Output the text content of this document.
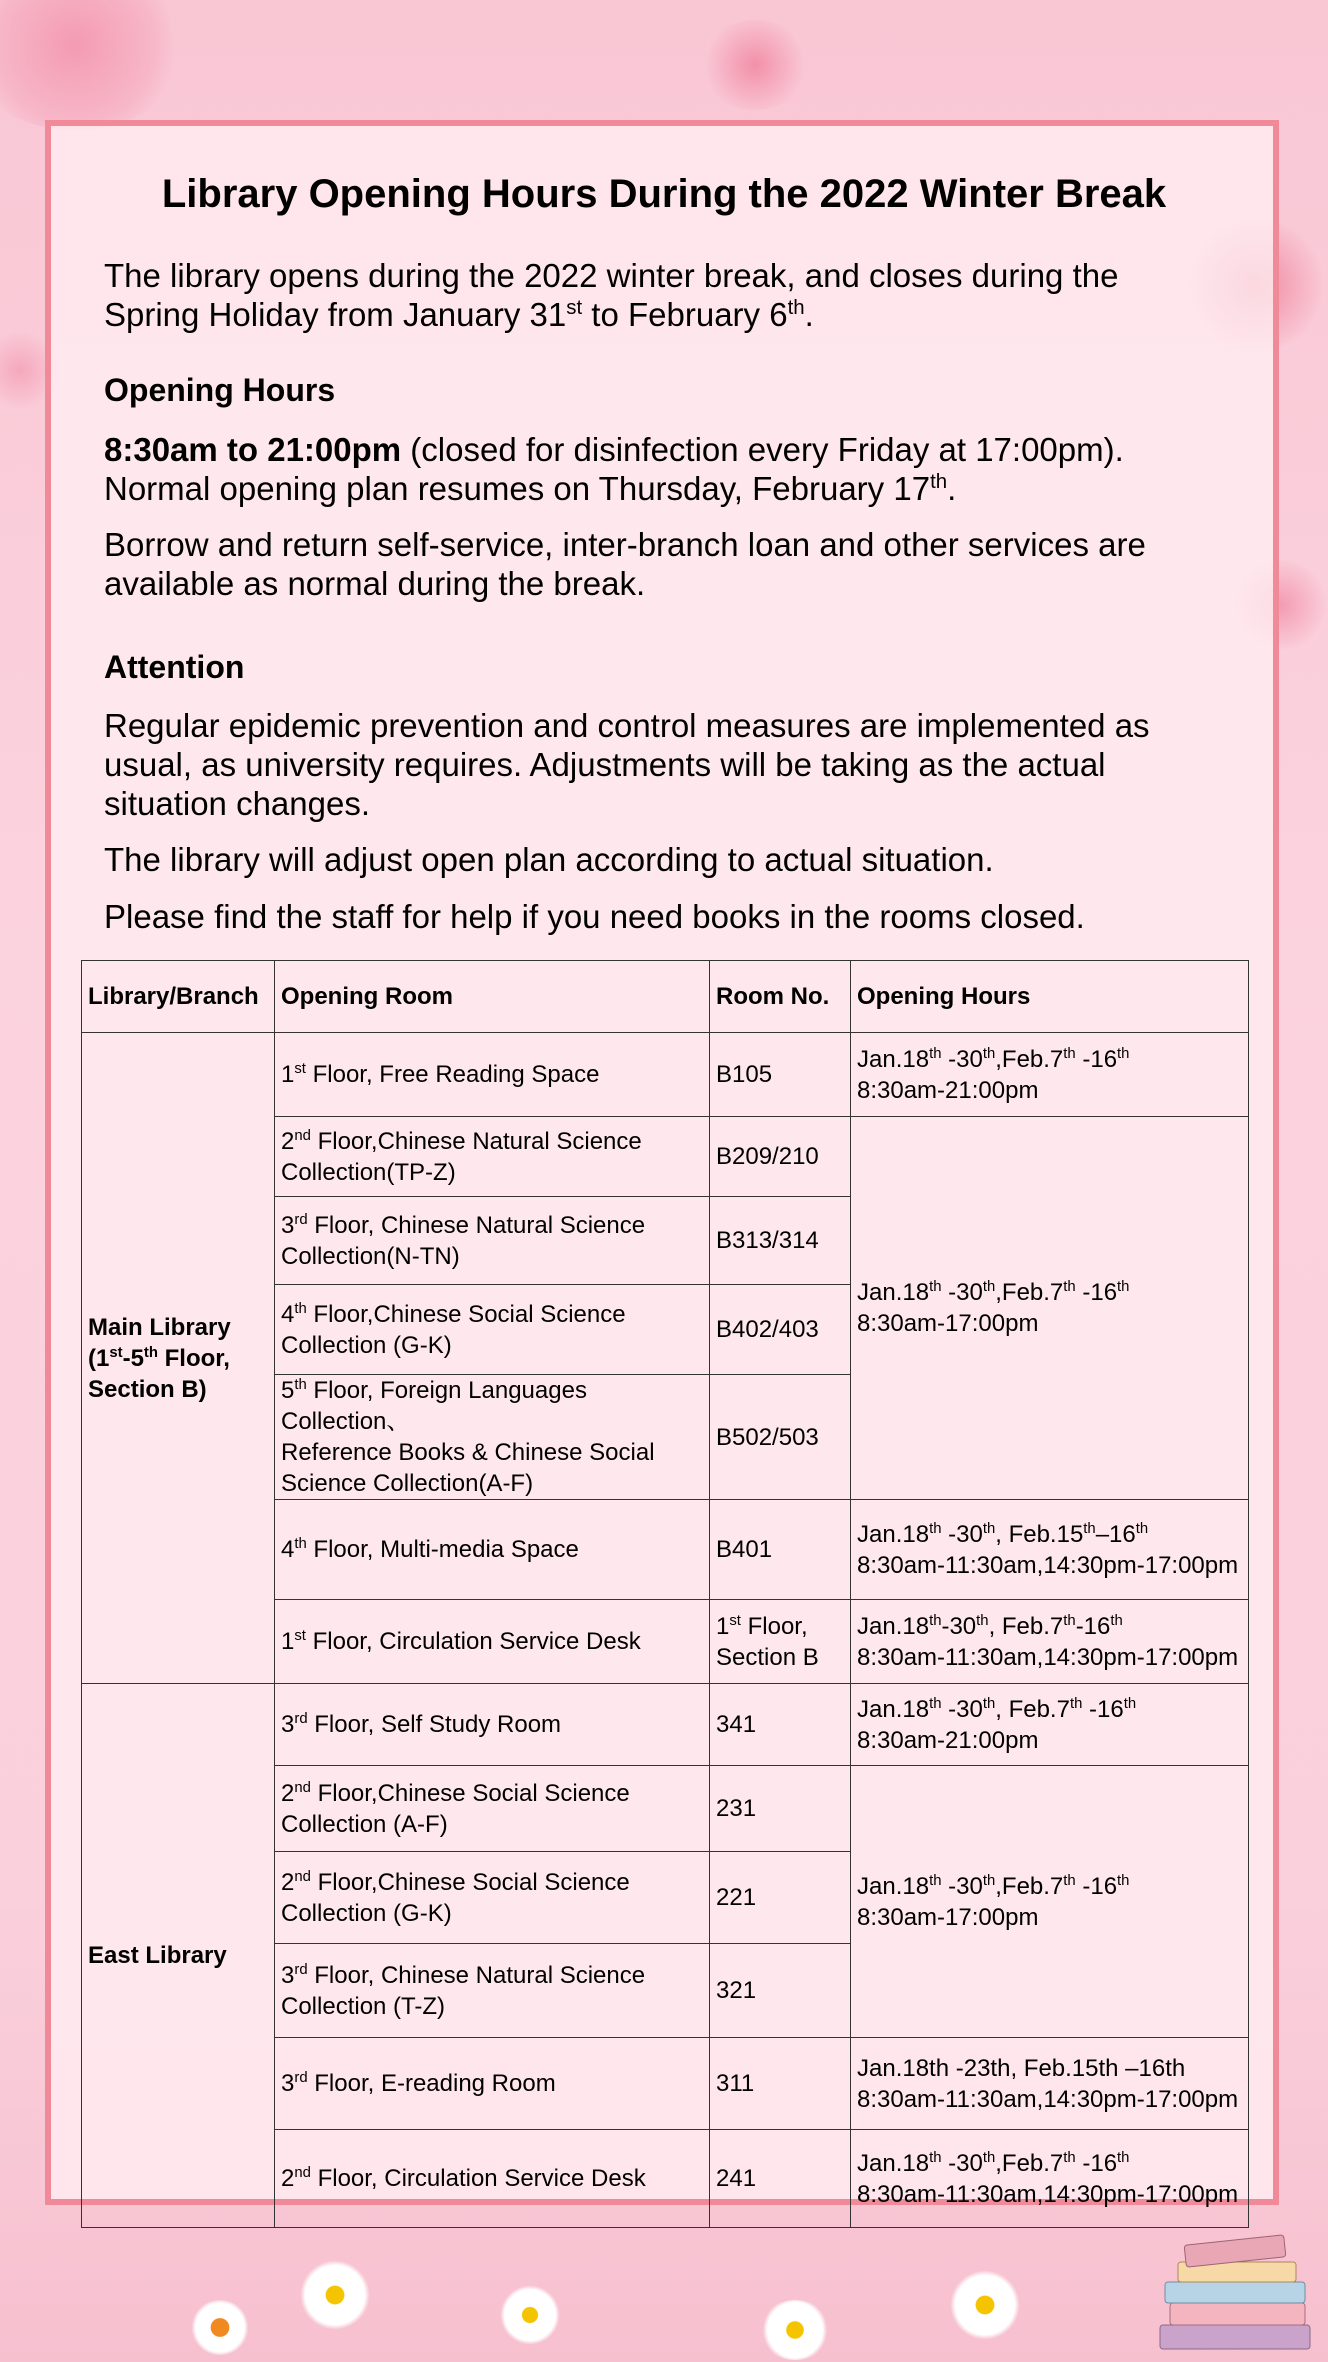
Library Opening Hours During the 2022 Winter Break

The library opens during the 2022 winter break, and closes during the
Spring Holiday from January 31st to February 6th.

Opening Hours

8:30am to 21:00pm (closed for disinfection every Friday at 17:00pm).
Normal opening plan resumes on Thursday, February 17th.

Borrow and return self-service, inter-branch loan and other services are
available as normal during the break.

Attention

Regular epidemic prevention and control measures are implemented as
usual, as university requires. Adjustments will be taking as the actual
situation changes.

The library will adjust open plan according to actual situation.

Please find the staff for help if you need books in the rooms closed.

Library/Branch	Opening Room	Room No.	Opening Hours
Main Library
(1st-5th Floor,
Section B)	1st Floor, Free Reading Space	B105	Jan.18th -30th,Feb.7th -16th
8:30am-21:00pm
	2nd Floor,Chinese Natural Science
Collection(TP-Z)	B209/210	Jan.18th -30th,Feb.7th -16th
8:30am-17:00pm
	3rd Floor, Chinese Natural Science
Collection(N-TN)	B313/314	
	4th Floor,Chinese Social Science
Collection (G-K)	B402/403	
	5th Floor, Foreign Languages Collection、
Reference Books & Chinese Social
Science Collection(A-F)	B502/503	
	4th Floor, Multi-media Space	B401	Jan.18th -30th, Feb.15th–16th
8:30am-11:30am,14:30pm-17:00pm
	1st Floor, Circulation Service Desk	1st Floor,
Section B	Jan.18th-30th, Feb.7th-16th
8:30am-11:30am,14:30pm-17:00pm
East Library	3rd Floor, Self Study Room	341	Jan.18th -30th, Feb.7th -16th
8:30am-21:00pm
	2nd Floor,Chinese Social Science
Collection (A-F)	231	Jan.18th -30th,Feb.7th -16th
8:30am-17:00pm
	2nd Floor,Chinese Social Science
Collection (G-K)	221	
	3rd Floor, Chinese Natural Science
Collection (T-Z)	321	
	3rd Floor, E-reading Room	311	Jan.18th -23th, Feb.15th –16th
8:30am-11:30am,14:30pm-17:00pm
	2nd Floor, Circulation Service Desk	241	Jan.18th -30th,Feb.7th -16th
8:30am-11:30am,14:30pm-17:00pm
